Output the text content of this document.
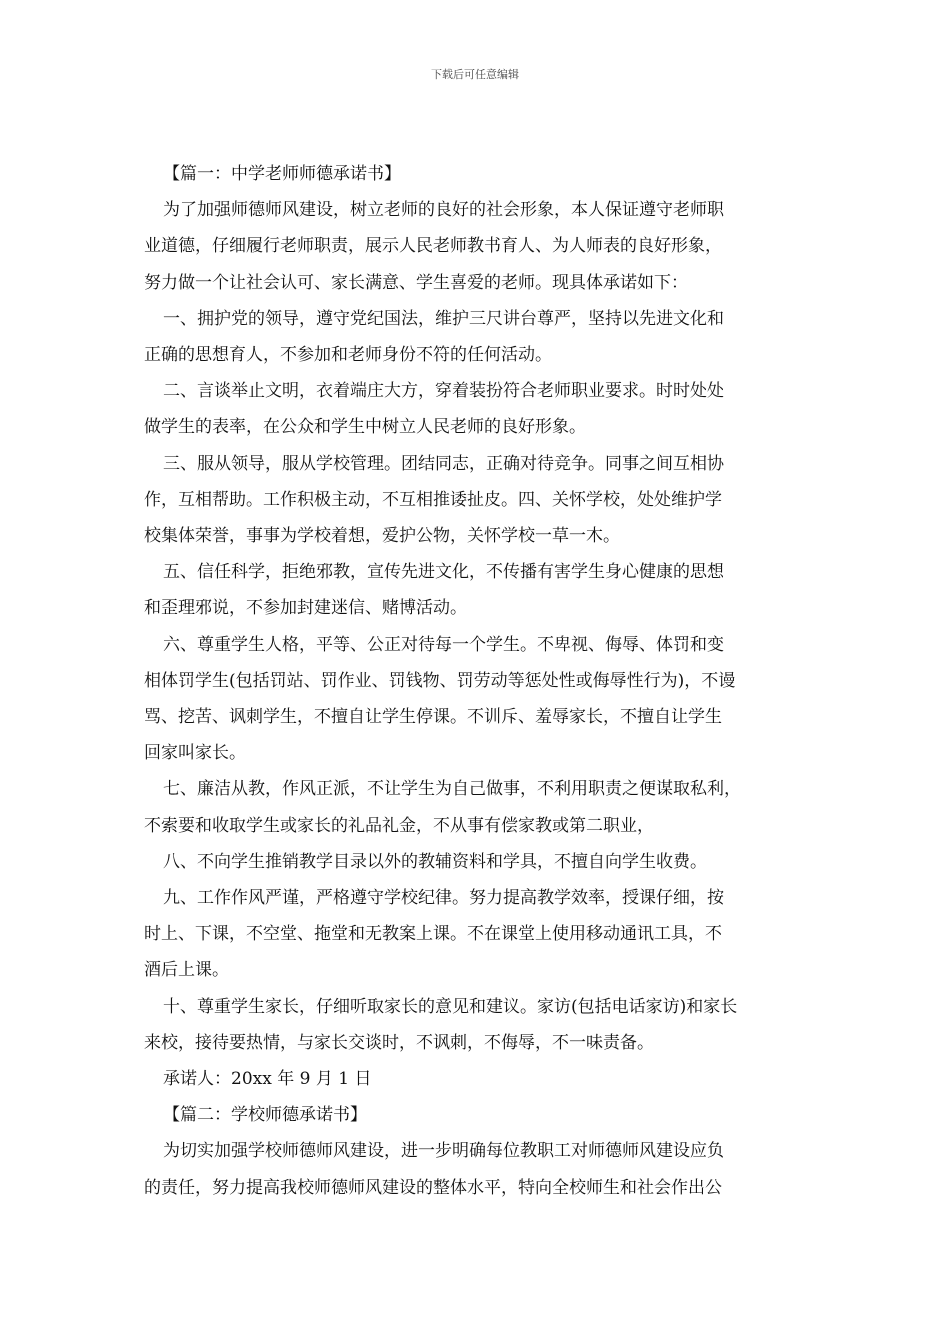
下载后可任意编辑

【篇一：中学老师师德承诺书】

为了加强师德师风建设，树立老师的良好的社会形象，本人保证遵守老师职

业道德，仔细履行老师职责，展示人民老师教书育人、为人师表的良好形象，

努力做一个让社会认可、家长满意、学生喜爱的老师。现具体承诺如下：

一、拥护党的领导，遵守党纪国法，维护三尺讲台尊严，坚持以先进文化和

正确的思想育人，不参加和老师身份不符的任何活动。

二、言谈举止文明，衣着端庄大方，穿着装扮符合老师职业要求。时时处处

做学生的表率，在公众和学生中树立人民老师的良好形象。

三、服从领导，服从学校管理。团结同志，正确对待竞争。同事之间互相协

作，互相帮助。工作积极主动，不互相推诿扯皮。四、关怀学校，处处维护学

校集体荣誉，事事为学校着想，爱护公物，关怀学校一草一木。

五、信任科学，拒绝邪教，宣传先进文化，不传播有害学生身心健康的思想

和歪理邪说，不参加封建迷信、赌博活动。

六、尊重学生人格，平等、公正对待每一个学生。不卑视、侮辱、体罚和变

相体罚学生(包括罚站、罚作业、罚钱物、罚劳动等惩处性或侮辱性行为)，不谩

骂、挖苦、讽刺学生，不擅自让学生停课。不训斥、羞辱家长，不擅自让学生

回家叫家长。

七、廉洁从教，作风正派，不让学生为自己做事，不利用职责之便谋取私利，

不索要和收取学生或家长的礼品礼金，不从事有偿家教或第二职业，

八、不向学生推销教学目录以外的教辅资料和学具，不擅自向学生收费。

九、工作作风严谨，严格遵守学校纪律。努力提高教学效率，授课仔细，按

时上、下课，不空堂、拖堂和无教案上课。不在课堂上使用移动通讯工具，不

酒后上课。

十、尊重学生家长，仔细听取家长的意见和建议。家访(包括电话家访)和家长

来校，接待要热情，与家长交谈时，不讽刺，不侮辱，不一味责备。

承诺人：20xx 年 9 月 1 日

【篇二：学校师德承诺书】

为切实加强学校师德师风建设，进一步明确每位教职工对师德师风建设应负

的责任，努力提高我校师德师风建设的整体水平，特向全校师生和社会作出公
